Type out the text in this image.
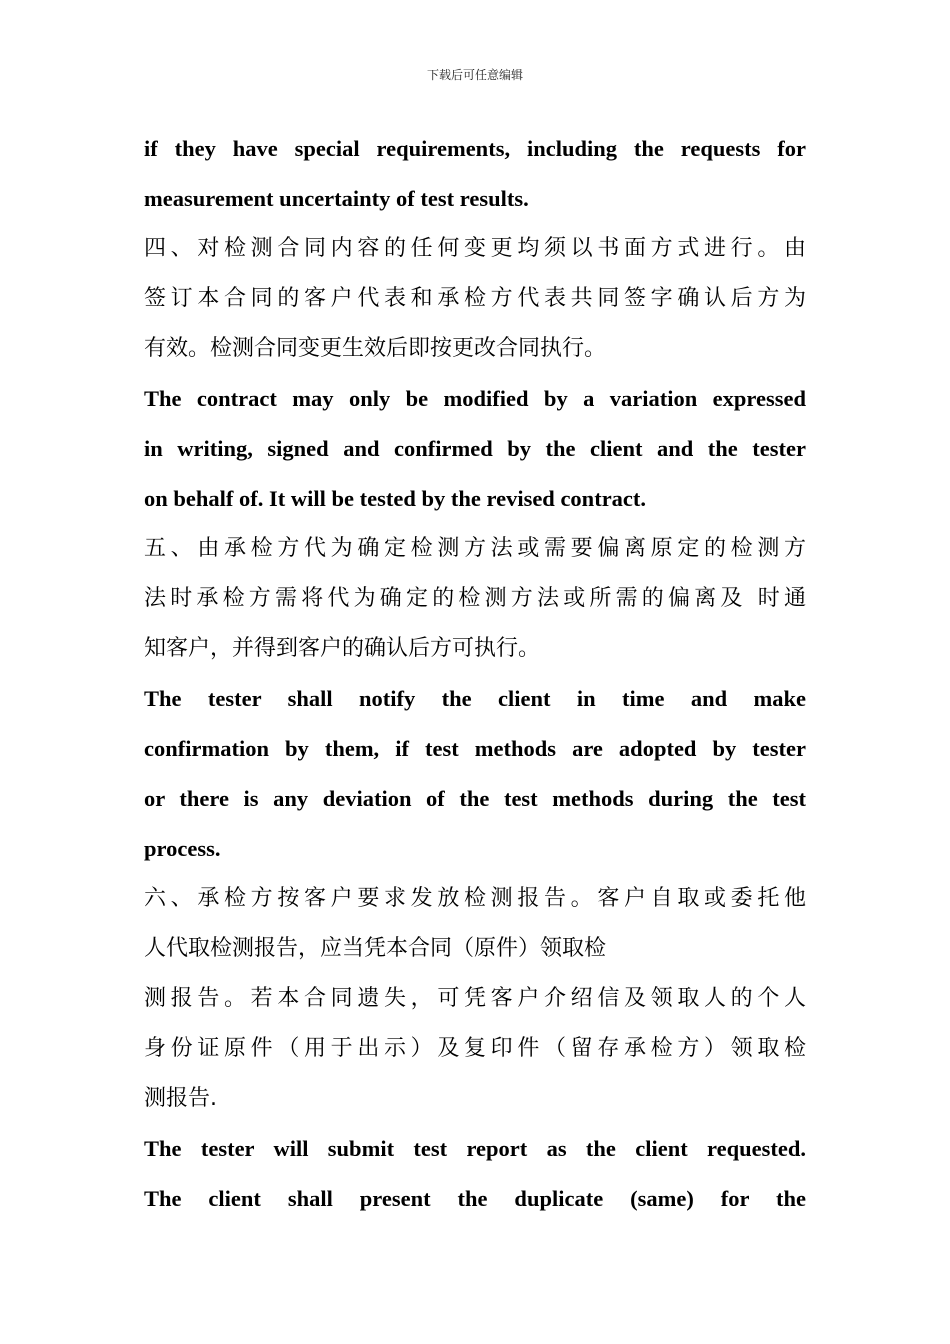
下载后可任意编辑

if they have special requirements, including the requests for

measurement uncertainty of test results.

四、对检测合同内容的任何变更均须以书面方式进行。由

签订本合同的客户代表和承检方代表共同签字确认后方为

有效。检测合同变更生效后即按更改合同执行。

The contract may only be modified by a variation expressed

in writing, signed and confirmed by the client and the tester

on behalf of. It will be tested by the revised contract.

五、由承检方代为确定检测方法或需要偏离原定的检测方

法时承检方需将代为确定的检测方法或所需的偏离及 时通

知客户，并得到客户的确认后方可执行。

The tester shall notify the client in time and make

confirmation by them, if test methods are adopted by tester

or there is any deviation of the test methods during the test

process.

六、承检方按客户要求发放检测报告。客户自取或委托他

人代取检测报告，应当凭本合同（原件）领取检

测报告。若本合同遗失，可凭客户介绍信及领取人的个人

身份证原件（用于出示）及复印件（留存承检方）领取检

测报告.

The tester will submit test report as the client requested.

The client shall present the duplicate (same) for the
